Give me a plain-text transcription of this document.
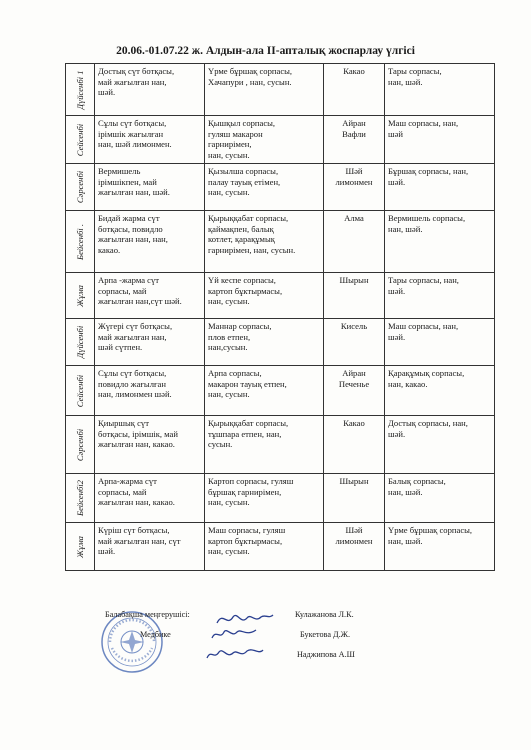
20.06.-01.07.22 ж. Алдын-ала ІІ-апталық жоспарлау үлгісі
Дүйсенбі 1	Достық сүт ботқасы,
май жағылған нан,
шәй.	Үрме бұршақ сорпасы,
Хачапури , нан, сусын.	Какао	Тары сорпасы,
нан, шәй.

Сейсенбі	Сұлы сүт ботқасы,
ірімшік жағылған
нан, шәй лимонмен.	Қышқыл сорпасы,
гуляш макарон
гарнирімен,
нан, сусын.	Айран
Вафли	Маш сорпасы, нан,
шәй

Сәрсенбі	Вермишель
ірімшікпен, май
жағылған нан, шәй.	Қызылша сорпасы,
палау тауық етімен,
нан, сусын.	Шәй
лимонмен	Бұршақ сорпасы, нан,
шәй.

Бейсенбі .	Бидай жарма сүт
ботқасы, повидло
жағылған нан, нан,
какао.	Қырыққабат сорпасы,
қаймақпен, балық
котлет, қарақұмық
гарнирімен, нан, сусын.	Алма	Вермишель сорпасы,
нан, шәй.

Жұма	Арпа -жарма сүт
сорпасы, май
жағылған нан,сүт шәй.	Үй кеспе сорпасы,
картоп бұктырмасы,
нан, сусын.	Шырын	Тары сорпасы, нан,
шәй.

Дүйсенбі	Жүгері сүт ботқасы,
май жағылған нан,
шәй сүтпен.	Маннар сорпасы,
плов етпен,
нан,сусын.	Кисель	Маш сорпасы, нан,
шәй.

Сейсенбі	Сұлы сүт ботқасы,
повидло жағылған
нан, лимонмен шәй.	Арпа сорпасы,
макарон тауық етпен,
нан, сусын.	Айран
Печенье	Қарақұмық сорпасы,
нан, какао.

Сәрсенбі	Қиыршық сүт
ботқасы, ірімшік, май
жағылған нан, какао.	Қырыққабат сорпасы,
тұшпара етпен, нан,
сусын.	Какао	Достық сорпасы, нан,
шәй.

Бейсенбі2	Арпа-жарма сүт
сорпасы, май
жағылған нан, какао.	Картоп сорпасы, гуляш
бұршақ гарнирімен,
нан, сусын.	Шырын	Балық сорпасы,
нан, шәй.

Жұма	Күріш сүт ботқасы,
май жағылған нан, сүт
шәй.	Маш сорпасы, гуляш
картоп бұктырмасы,
нан, сусын.	Шәй
лимонмен	Үрме бұршақ сорпасы,
нан, шәй.
Балабақша меңгерушісі:	Кулажанова Л.К.
Медбике	Букетова Д.Ж.
Наджипова А.Ш
